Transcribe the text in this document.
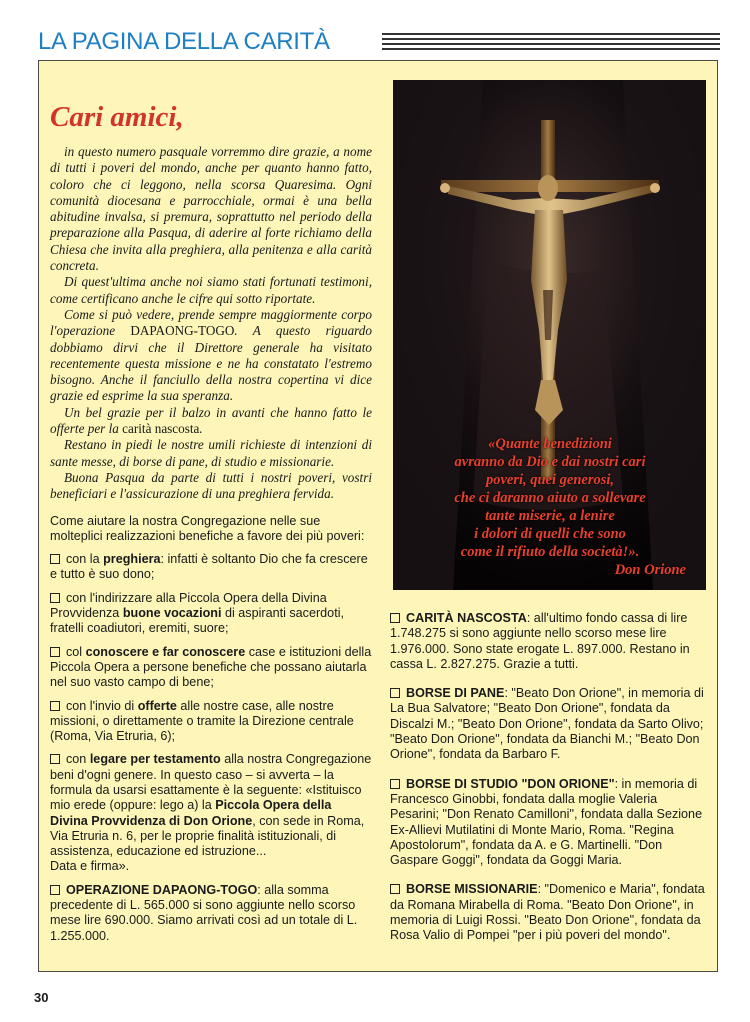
LA PAGINA DELLA CARITÀ
Cari amici,

in questo numero pasquale vorremmo dire grazie, a nome di tutti i poveri del mondo, anche per quanto hanno fatto, coloro che ci leggono, nella scorsa Quaresima. Ogni comunità diocesana e parrocchiale, ormai è una bella abitudine invalsa, si premura, soprattutto nel periodo della preparazione alla Pasqua, di aderire al forte richiamo della Chiesa che invita alla preghiera, alla penitenza e alla carità concreta.

Di quest'ultima anche noi siamo stati fortunati testimoni, come certificano anche le cifre qui sotto riportate.

Come si può vedere, prende sempre maggiormente corpo l'operazione DAPAONG-TOGO. A questo riguardo dobbiamo dirvi che il Direttore generale ha visitato recentemente questa missione e ne ha constatato l'estremo bisogno. Anche il fanciullo della nostra copertina vi dice grazie ed esprime la sua speranza.

Un bel grazie per il balzo in avanti che hanno fatto le offerte per la carità nascosta.

Restano in piedi le nostre umili richieste di intenzioni di sante messe, di borse di pane, di studio e missionarie.

Buona Pasqua da parte di tutti i nostri poveri, vostri beneficiari e l'assicurazione di una preghiera fervida.

Come aiutare la nostra Congregazione nelle sue molteplici realizzazioni benefiche a favore dei più poveri:

con la preghiera: infatti è soltanto Dio che fa crescere e tutto è suo dono;

con l'indirizzare alla Piccola Opera della Divina Provvidenza buone vocazioni di aspiranti sacerdoti, fratelli coadiutori, eremiti, suore;

col conoscere e far conoscere case e istituzioni della Piccola Opera a persone benefiche che possano aiutarla nel suo vasto campo di bene;

con l'invio di offerte alle nostre case, alle nostre missioni, o direttamente o tramite la Direzione centrale (Roma, Via Etruria, 6);

con legare per testamento alla nostra Congregazione beni d'ogni genere. In questo caso – si avverta – la formula da usarsi esattamente è la seguente: «Istituisco mio erede (oppure: lego a) la Piccola Opera della Divina Provvidenza di Don Orione, con sede in Roma, Via Etruria n. 6, per le proprie finalità istituzionali, di assistenza, educazione ed istruzione...
Data e firma».

OPERAZIONE DAPAONG-TOGO: alla somma precedente di L. 565.000 si sono aggiunte nello scorso mese lire 690.000. Siamo arrivati così ad un totale di L. 1.255.000.

«Quante benedizioni
avranno da Dio e dai nostri cari
poveri, quei generosi,
che ci daranno aiuto a sollevare
tante miserie, a lenire
i dolori di quelli che sono
come il rifiuto della società!».
Don Orione

CARITÀ NASCOSTA: all'ultimo fondo cassa di lire 1.748.275 si sono aggiunte nello scorso mese lire 1.976.000. Sono state erogate L. 897.000. Restano in cassa L. 2.827.275. Grazie a tutti.

BORSE DI PANE: "Beato Don Orione", in memoria di La Bua Salvatore; "Beato Don Orione", fondata da Discalzi M.; "Beato Don Orione", fondata da Sarto Olivo; "Beato Don Orione", fondata da Bianchi M.; "Beato Don Orione", fondata da Barbaro F.

BORSE DI STUDIO "DON ORIONE": in memoria di Francesco Ginobbi, fondata dalla moglie Valeria Pesarini; "Don Renato Camilloni", fondata dalla Sezione Ex-Allievi Mutilatini di Monte Mario, Roma. "Regina Apostolorum", fondata da A. e G. Martinelli. "Don Gaspare Goggi", fondata da Goggi Maria.

BORSE MISSIONARIE: "Domenico e Maria", fondata da Romana Mirabella di Roma. "Beato Don Orione", in memoria di Luigi Rossi. "Beato Don Orione", fondata da Rosa Valio di Pompei "per i più poveri del mondo".

30
